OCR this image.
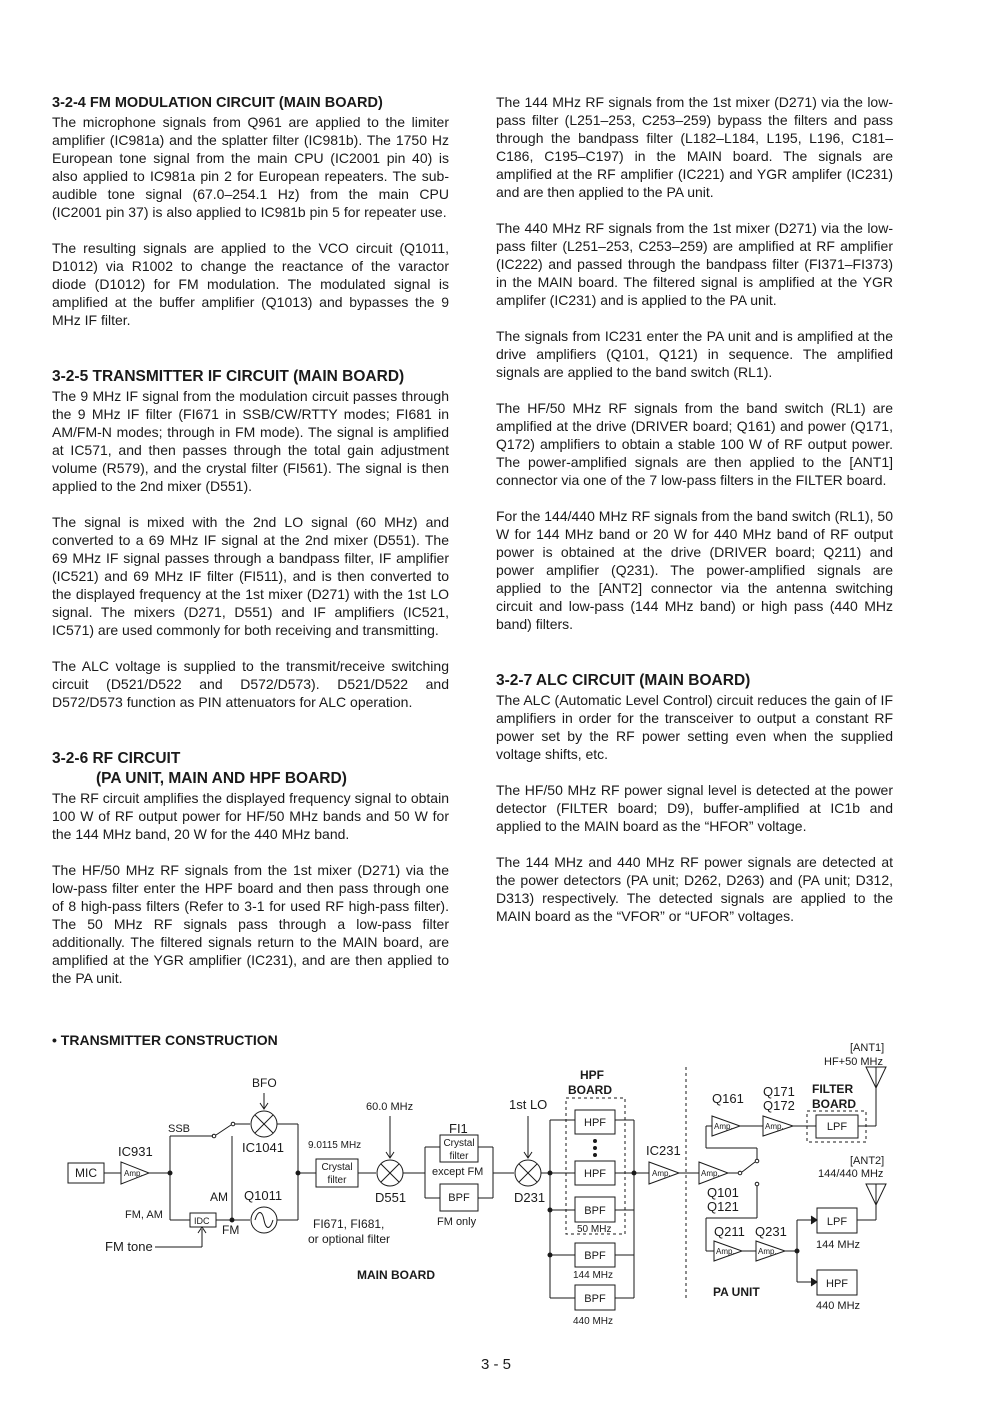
3-2-4 FM MODULATION CIRCUIT (MAIN BOARD)

The microphone signals from Q961 are applied to the limiter amplifier (IC981a) and the splatter filter (IC981b). The 1750 Hz European tone signal from the main CPU (IC2001 pin 40) is also applied to IC981a pin 2 for European repeaters. The sub-audible tone signal (67.0–254.1 Hz) from the main CPU (IC2001 pin 37) is also applied to IC981b pin 5 for repeater use.

The resulting signals are applied to the VCO circuit (Q1011, D1012) via R1002 to change the reactance of the varactor diode (D1012) for FM modulation. The modulated signal is amplified at the buffer amplifier (Q1013) and bypasses the 9 MHz IF filter.

3-2-5 TRANSMITTER IF CIRCUIT (MAIN BOARD)

The 9 MHz IF signal from the modulation circuit passes through the 9 MHz IF filter (FI671 in SSB/CW/RTTY modes; FI681 in AM/FM-N modes; through in FM mode). The signal is amplified at IC571, and then passes through the total gain adjustment volume (R579), and the crystal filter (FI561). The signal is then applied to the 2nd mixer (D551).

The signal is mixed with the 2nd LO signal (60 MHz) and converted to a 69 MHz IF signal at the 2nd mixer (D551). The 69 MHz IF signal passes through a bandpass filter, IF amplifier (IC521) and 69 MHz IF filter (FI511), and is then converted to the displayed frequency at the 1st mixer (D271) with the 1st LO signal. The mixers (D271, D551) and IF amplifiers (IC521, IC571) are used commonly for both receiving and transmitting.

The ALC voltage is supplied to the transmit/receive switching circuit (D521/D522 and D572/D573). D521/D522 and D572/D573 function as PIN attenuators for ALC operation.

3-2-6 RF CIRCUIT
(PA UNIT, MAIN AND HPF BOARD)

The RF circuit amplifies the displayed frequency signal to obtain 100 W of RF output power for HF/50 MHz bands and 50 W for the 144 MHz band, 20 W for the 440 MHz band.

The HF/50 MHz RF signals from the 1st mixer (D271) via the low-pass filter enter the HPF board and then pass through one of 8 high-pass filters (Refer to 3-1 for used RF high-pass filter). The 50 MHz RF signals pass through a low-pass filter additionally. The filtered signals return to the MAIN board, are amplified at the YGR amplifier (IC231), and are then applied to the PA unit.

The 144 MHz RF signals from the 1st mixer (D271) via the low-pass filter (L251–253, C253–259) bypass the filters and pass through the bandpass filter (L182–L184, L195, L196, C181–C186, C195–C197) in the MAIN board. The signals are amplified at the RF amplifier (IC221) and YGR amplifer (IC231) and are then applied to the PA unit.

The 440 MHz RF signals from the 1st mixer (D271) via the low-pass filter (L251–253, C253–259) are amplified at RF amplifier (IC222) and passed through the bandpass filter (FI371–FI373) in the MAIN board. The filtered signal is amplified at the YGR amplifer (IC231) and is applied to the PA unit.

The signals from IC231 enter the PA unit and is amplified at the drive amplifiers (Q101, Q121) in sequence. The amplified signals are applied to the band switch (RL1).

The HF/50 MHz RF signals from the band switch (RL1) are amplified at the drive (DRIVER board; Q161) and power (Q171, Q172) amplifiers to obtain a stable 100 W of RF output power. The power-amplified signals are then applied to the [ANT1] connector via one of the 7 low-pass filters in the FILTER board.

For the 144/440 MHz RF signals from the band switch (RL1), 50 W for 144 MHz band or 20 W for 440 MHz band of RF output power is obtained at the drive (DRIVER board; Q211) and power amplifier (Q231). The power-amplified signals are applied to the [ANT2] connector via the antenna switching circuit and low-pass (144 MHz band) or high pass (440 MHz band) filters.

3-2-7 ALC CIRCUIT (MAIN BOARD)

The ALC (Automatic Level Control) circuit reduces the gain of IF amplifiers in order for the transceiver to output a constant RF power set by the RF power setting even when the supplied voltage shifts, etc.

The HF/50 MHz RF power signal level is detected at the power detector (FILTER board; D9), buffer-amplified at IC1b and applied to the MAIN board as the “HFOR” voltage.

The 144 MHz and 440 MHz RF power signals are detected at the power detectors (PA unit; D262, D263) and (PA unit; D312, D313) respectively. The detected signals are applied to the MAIN board as the “VFOR” or “UFOR” voltages.

• TRANSMITTER CONSTRUCTION
MIC	Amp.
IC931
SSB
BFO
IC1041
FM, AM	IDC
FM tone
AM
FM
Q1011
9.0115 MHz
Crystal
filter
FI671, FI681,
or optional filter
60.0 MHz
D551
FI1
Crystal
filter
except FM
BPF
FM only
1st LO
D231
MAIN BOARD
HPF
BOARD
HPF
HPF
BPF
50 MHz
BPF
144 MHz
BPF
440 MHz
IC231
Amp.	Amp.
Q101
Q121
Q161
Amp.
Q171
Q172
Amp.
FILTER
BOARD
LPF
[ANT1]
HF+50 MHz
Q211
Amp.
Q231
Amp.
PA UNIT
LPF
144 MHz
HPF
440 MHz
[ANT2]
144/440 MHz
3 - 5
